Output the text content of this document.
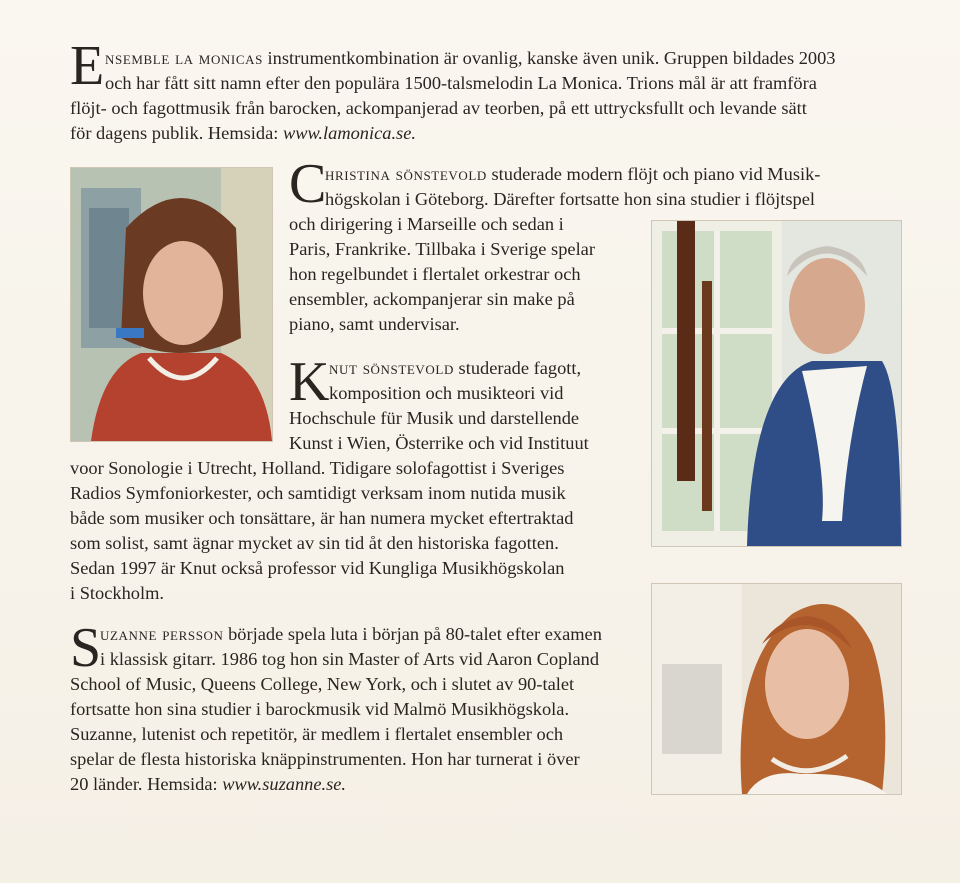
E nsemble la monicas instrumentkombination är ovanlig, kanske även unik. Gruppen bildades 2003
och har fått sitt namn efter den populära 1500-talsmelodin La Monica. Trions mål är att framföra
flöjt- och fagottmusik från barocken, ackompanjerad av teorben, på ett uttrycksfullt och levande sätt
för dagens publik. Hemsida: www.lamonica.se.
C
hristina sönstevold studerade modern flöjt och piano vid Musik-
högskolan i Göteborg. Därefter fortsatte hon sina studier i flöjtspel
och dirigering i Marseille och sedan i
Paris, Frankrike. Tillbaka i Sverige spelar
hon regelbundet i flertalet orkestrar och
ensembler, ackompanjerar sin make på
piano, samt undervisar.
K nut sönstevold studerade fagott,
komposition och musikteori vid
Hochschule für Musik und darstellende
Kunst i Wien, Österrike och vid Instituut
voor Sonologie i Utrecht, Holland. Tidigare solofagottist i Sveriges
Radios Symfoniorkester, och samtidigt verksam inom nutida musik
både som musiker och tonsättare, är han numera mycket eftertraktad
som solist, samt ägnar mycket av sin tid åt den historiska fagotten.
Sedan 1997 är Knut också professor vid Kungliga Musikhögskolan
i Stockholm.
S
uzanne persson började spela luta i början på 80-talet efter examen
i klassisk gitarr. 1986 tog hon sin Master of Arts vid Aaron Copland
School of Music, Queens College, New York, och i slutet av 90-talet
fortsatte hon sina studier i barockmusik vid Malmö Musikhögskola.
Suzanne, lutenist och repetitör, är medlem i flertalet ensembler och
spelar de flesta historiska knäppinstrumenten. Hon har turnerat i över
20 länder. Hemsida: www.suzanne.se.
